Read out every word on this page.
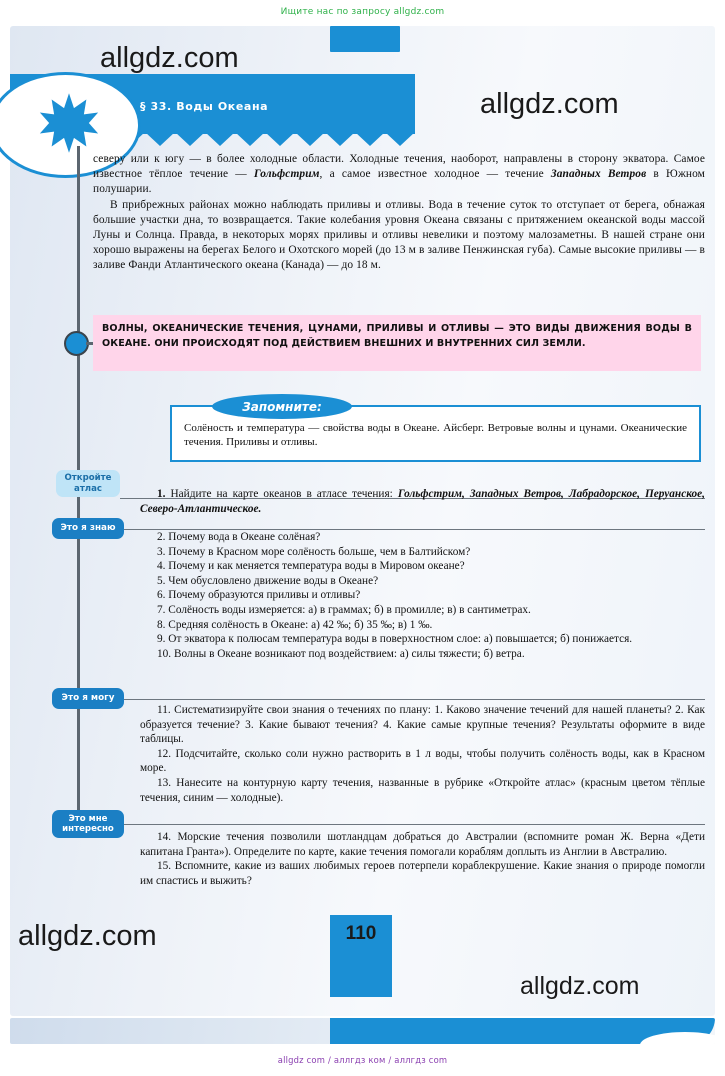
Ищите нас по запросу allgdz.com
§ 33. Воды Океана
allgdz.com
allgdz.com
allgdz.com
allgdz.com

северу или к югу — в более холодные области. Холодные течения, наоборот, направлены в сторону экватора. Самое известное тёплое течение — Гольфстрим, а самое известное холодное — течение Западных Ветров в Южном полушарии.

В прибрежных районах можно наблюдать приливы и отливы. Вода в течение суток то отступает от берега, обнажая большие участки дна, то возвращается. Такие колебания уровня Океана связаны с притяжением океанской воды массой Луны и Солнца. Правда, в некоторых морях приливы и отливы невелики и поэтому малозаметны. В нашей стране они хорошо выражены на берегах Белого и Охотского морей (до 13 м в заливе Пенжинская губа). Самые высокие приливы — в заливе Фанди Атлантического океана (Канада) — до 18 м.

ВОЛНЫ, ОКЕАНИЧЕСКИЕ ТЕЧЕНИЯ, ЦУНАМИ, ПРИЛИВЫ И ОТЛИВЫ — ЭТО ВИДЫ ДВИЖЕНИЯ ВОДЫ В ОКЕАНЕ. ОНИ ПРОИСХОДЯТ ПОД ДЕЙСТВИЕМ ВНЕШНИХ И ВНУТРЕННИХ СИЛ ЗЕМЛИ.

Солёность и температура — свойства воды в Океане. Айсберг. Ветровые волны и цунами. Океанические течения. Приливы и отливы.

Запомните:
Откройте
атлас
Это я знаю
Это я могу
Это мне
интересно

1. Найдите на карте океанов в атласе течения: Гольфстрим, Западных Ветров, Лабрадорское, Перуанское, Северо-Атлантическое.

2. Почему вода в Океане солёная?

3. Почему в Красном море солёность больше, чем в Балтийском?

4. Почему и как меняется температура воды в Мировом океане?

5. Чем обусловлено движение воды в Океане?

6. Почему образуются приливы и отливы?

7. Солёность воды измеряется: а) в граммах; б) в промилле; в) в сантиметрах.

8. Средняя солёность в Океане: а) 42 ‰; б) 35 ‰; в) 1 ‰.

9. От экватора к полюсам температура воды в поверхностном слое: а) повышается; б) понижается.

10. Волны в Океане возникают под воздействием: а) силы тяжести; б) ветра.

11. Систематизируйте свои знания о течениях по плану: 1. Каково значение течений для нашей планеты? 2. Как образуется течение? 3. Какие бывают течения? 4. Какие самые крупные течения? Результаты оформите в виде таблицы.

12. Подсчитайте, сколько соли нужно растворить в 1 л воды, чтобы получить солёность воды, как в Красном море.

13. Нанесите на контурную карту течения, названные в рубрике «Откройте атлас» (красным цветом тёплые течения, синим — холодные).

14. Морские течения позволили шотландцам добраться до Австралии (вспомните роман Ж. Верна «Дети капитана Гранта»). Определите по карте, какие течения помогали кораблям доплыть из Англии в Австралию.

15. Вспомните, какие из ваших любимых героев потерпели кораблекрушение. Какие знания о природе помогли им спастись и выжить?

110
allgdz com / аллгдз ком / аллгдз com
